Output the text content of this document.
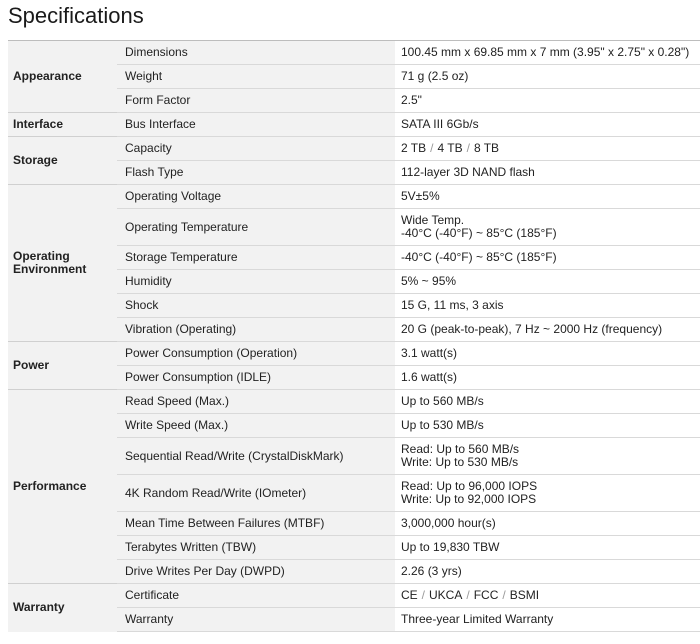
Specifications
Appearance	Dimensions	100.45 mm x 69.85 mm x 7 mm (3.95" x 2.75" x 0.28")
	Weight	71 g (2.5 oz)
	Form Factor	2.5"
Interface	Bus Interface	SATA III 6Gb/s
Storage	Capacity	2 TB / 4 TB / 8 TB
	Flash Type	112-layer 3D NAND flash

Operating
Environment	Operating Voltage	5V±5%
	Operating Temperature	Wide Temp.
-40°C (-40°F) ~ 85°C (185°F)

	Storage Temperature	-40°C (-40°F) ~ 85°C (185°F)
	Humidity	5% ~ 95%
	Shock	15 G, 11 ms, 3 axis
	Vibration (Operating)	20 G (peak-to-peak), 7 Hz ~ 2000 Hz (frequency)
Power	Power Consumption (Operation)	3.1 watt(s)
	Power Consumption (IDLE)	1.6 watt(s)
Performance	Read Speed (Max.)	Up to 560 MB/s
	Write Speed (Max.)	Up to 530 MB/s
	Sequential Read/Write (CrystalDiskMark)	Read: Up to 560 MB/s
Write: Up to 530 MB/s

	4K Random Read/Write (IOmeter)	Read: Up to 96,000 IOPS
Write: Up to 92,000 IOPS

	Mean Time Between Failures (MTBF)	3,000,000 hour(s)
	Terabytes Written (TBW)	Up to 19,830 TBW
	Drive Writes Per Day (DWPD)	2.26 (3 yrs)
Warranty	Certificate	CE / UKCA / FCC / BSMI
	Warranty	Three-year Limited Warranty
